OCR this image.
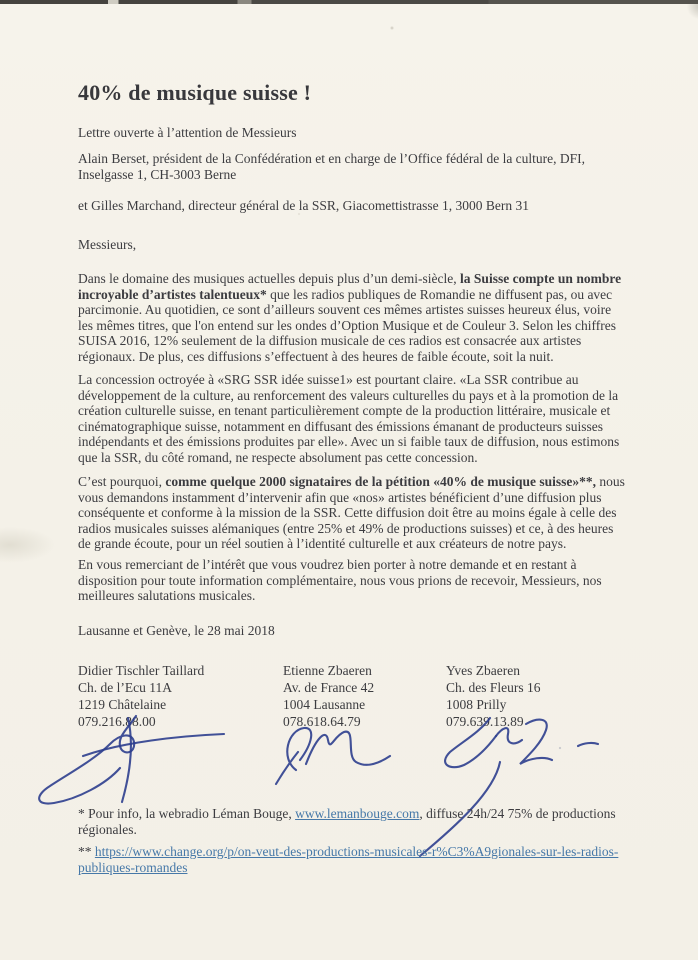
40% de musique suisse !
Lettre ouverte à l’attention de Messieurs
Alain Berset, président de la Confédération et en charge de l’Office fédéral de la culture, DFI,
Inselgasse 1, CH-3003 Berne
et Gilles Marchand, directeur général de la SSR, Giacomettistrasse 1, 3000 Bern 31
Messieurs,
Dans le domaine des musiques actuelles depuis plus d’un demi-siècle, la Suisse compte un nombre incroyable d’artistes talentueux* que les radios publiques de Romandie ne diffusent pas, ou avec parcimonie. Au quotidien, ce sont d’ailleurs souvent ces mêmes artistes suisses heureux élus, voire les mêmes titres, que l'on entend sur les ondes d’Option Musique et de Couleur 3. Selon les chiffres SUISA 2016, 12% seulement de la diffusion musicale de ces radios est consacrée aux artistes régionaux. De plus, ces diffusions s’effectuent à des heures de faible écoute, soit la nuit.
La concession octroyée à «SRG SSR idée suisse1» est pourtant claire. «La SSR contribue au développement de la culture, au renforcement des valeurs culturelles du pays et à la promotion de la création culturelle suisse, en tenant particulièrement compte de la production littéraire, musicale et cinématographique suisse, notamment en diffusant des émissions émanant de producteurs suisses indépendants et des émissions produites par elle». Avec un si faible taux de diffusion, nous estimons que la SSR, du côté romand, ne respecte absolument pas cette concession.
C’est pourquoi, comme quelque 2000 signataires de la pétition «40% de musique suisse»**, nous vous demandons instamment d’intervenir afin que «nos» artistes bénéficient d’une diffusion plus conséquente et conforme à la mission de la SSR. Cette diffusion doit être au moins égale à celle des radios musicales suisses alémaniques (entre 25% et 49% de productions suisses) et ce, à des heures de grande écoute, pour un réel soutien à l’identité culturelle et aux créateurs de notre pays.
En vous remerciant de l’intérêt que vous voudrez bien porter à notre demande et en restant à disposition pour toute information complémentaire, nous vous prions de recevoir, Messieurs, nos meilleures salutations musicales.
Lausanne et Genève, le 28 mai 2018
Didier Tischler Taillard
Ch. de l’Ecu 11A
1219 Châtelaine
079.216.88.00
Etienne Zbaeren
Av. de France 42
1004 Lausanne
078.618.64.79
Yves Zbaeren
Ch. des Fleurs 16
1008 Prilly
079.639.13.89
* Pour info, la webradio Léman Bouge, www.lemanbouge.com, diffuse 24h/24 75% de productions régionales.
** https://www.change.org/p/on-veut-des-productions-musicales-r%C3%A9gionales-sur-les-radios-publiques-romandes
